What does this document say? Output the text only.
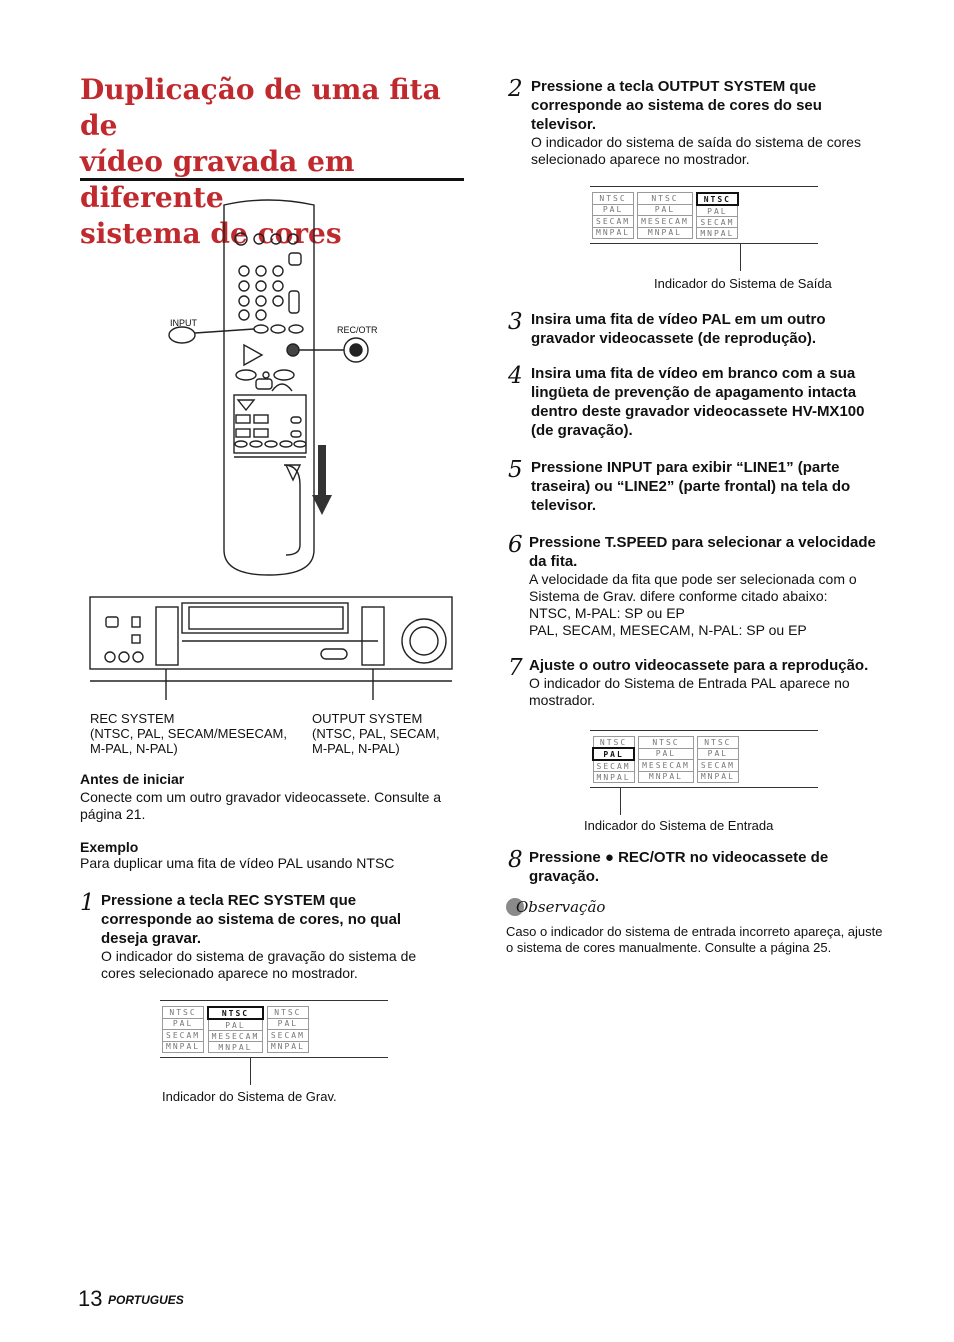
Duplicação de uma fita de
vídeo gravada em diferente
sistema de cores
INPUT
REC/OTR
REC SYSTEM
(NTSC, PAL, SECAM/MESECAM,
M-PAL, N-PAL)
OUTPUT SYSTEM
(NTSC, PAL, SECAM,
M-PAL, N-PAL)
Antes de iniciar
Conecte com um outro gravador videocassete. Consulte a página 21.
Exemplo
Para duplicar uma fita de vídeo PAL usando NTSC
1 Pressione a tecla REC SYSTEM que corresponde ao sistema de cores, no qual deseja gravar.

O indicador do sistema de gravação do sistema de cores selecionado aparece no mostrador.

NTSC
PAL
SECAM
MNPAL
NTSC
PAL
MESECAM
MNPAL
NTSC
PAL
SECAM
MNPAL
Indicador do Sistema de Grav.
2 Pressione a tecla OUTPUT SYSTEM que corresponde ao sistema de cores do seu televisor.

O indicador do sistema de saída do sistema de cores selecionado aparece no mostrador.

NTSC
PAL
SECAM
MNPAL
NTSC
PAL
MESECAM
MNPAL
NTSC
PAL
SECAM
MNPAL
Indicador do Sistema de Saída
3 Insira uma fita de vídeo PAL em um outro gravador videocassete (de reprodução).

4 Insira uma fita de vídeo em branco com a sua lingüeta de prevenção de apagamento intacta dentro deste gravador videocassete HV-MX100 (de gravação).

5 Pressione INPUT para exibir “LINE1” (parte traseira) ou “LINE2” (parte frontal) na tela do televisor.

6 Pressione T.SPEED para selecionar a velocidade da fita.

A velocidade da fita que pode ser selecionada com o Sistema de Grav. difere conforme citado abaixo:

NTSC, M-PAL: SP ou EP

PAL, SECAM, MESECAM, N-PAL: SP ou EP

7 Ajuste o outro videocassete para a reprodução.

O indicador do Sistema de Entrada PAL aparece no mostrador.

NTSC
PAL
SECAM
MNPAL
NTSC
PAL
MESECAM
MNPAL
NTSC
PAL
SECAM
MNPAL
Indicador do Sistema de Entrada
8 Pressione ● REC/OTR no videocassete de gravação.

Observação
Caso o indicador do sistema de entrada incorreto apareça, ajuste o sistema de cores manualmente. Consulte a página 25.
13 PORTUGUES
